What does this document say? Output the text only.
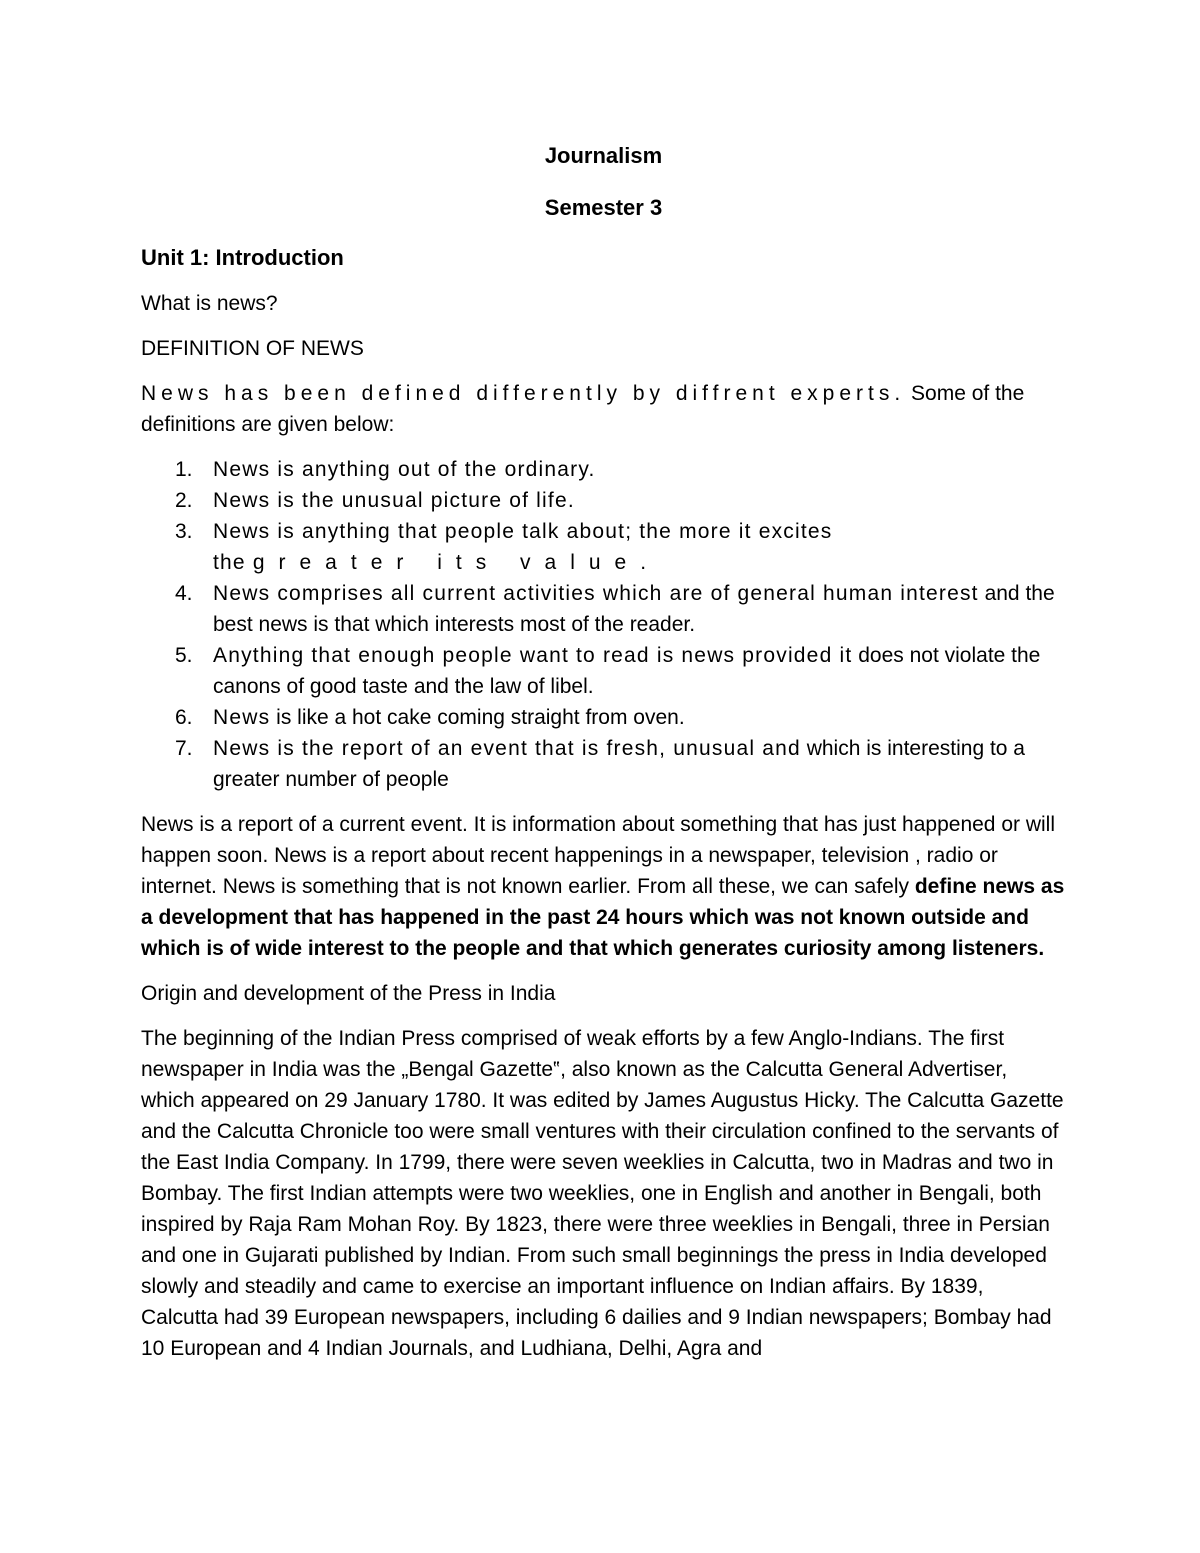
Journalism
Semester 3
Unit 1: Introduction

What is news?

DEFINITION OF NEWS

News has been defined differently by diffrent experts. Some of the definitions are given below:

1. News is anything out of the ordinary.
2. News is the unusual picture of life.
3. News is anything that people talk about; the more it excites
the greater its value.
4. News comprises all current activities which are of general human interest and the best news is that which interests most of the reader.
5. Anything that enough people want to read is news provided it does not violate the canons of good taste and the law of libel.
6. News is like a hot cake coming straight from oven.
7. News is the report of an event that is fresh, unusual and which is interesting to a greater number of people

News is a report of a current event. It is information about something that has just happened or will happen soon. News is a report about recent happenings in a newspaper, television , radio or internet. News is something that is not known earlier. From all these, we can safely define news as a development that has happened in the past 24 hours which was not known outside and which is of wide interest to the people and that which generates curiosity among listeners.

Origin and development of the Press in India

The beginning of the Indian Press comprised of weak efforts by a few Anglo-Indians. The first newspaper in India was the „Bengal Gazette‟, also known as the Calcutta General Advertiser, which appeared on 29 January 1780. It was edited by James Augustus Hicky. The Calcutta Gazette and the Calcutta Chronicle too were small ventures with their circulation confined to the servants of the East India Company. In 1799, there were seven weeklies in Calcutta, two in Madras and two in Bombay. The first Indian attempts were two weeklies, one in English and another in Bengali, both inspired by Raja Ram Mohan Roy. By 1823, there were three weeklies in Bengali, three in Persian and one in Gujarati published by Indian. From such small beginnings the press in India developed slowly and steadily and came to exercise an important influence on Indian affairs. By 1839, Calcutta had 39 European newspapers, including 6 dailies and 9 Indian newspapers; Bombay had 10 European and 4 Indian Journals, and Ludhiana, Delhi, Agra and
